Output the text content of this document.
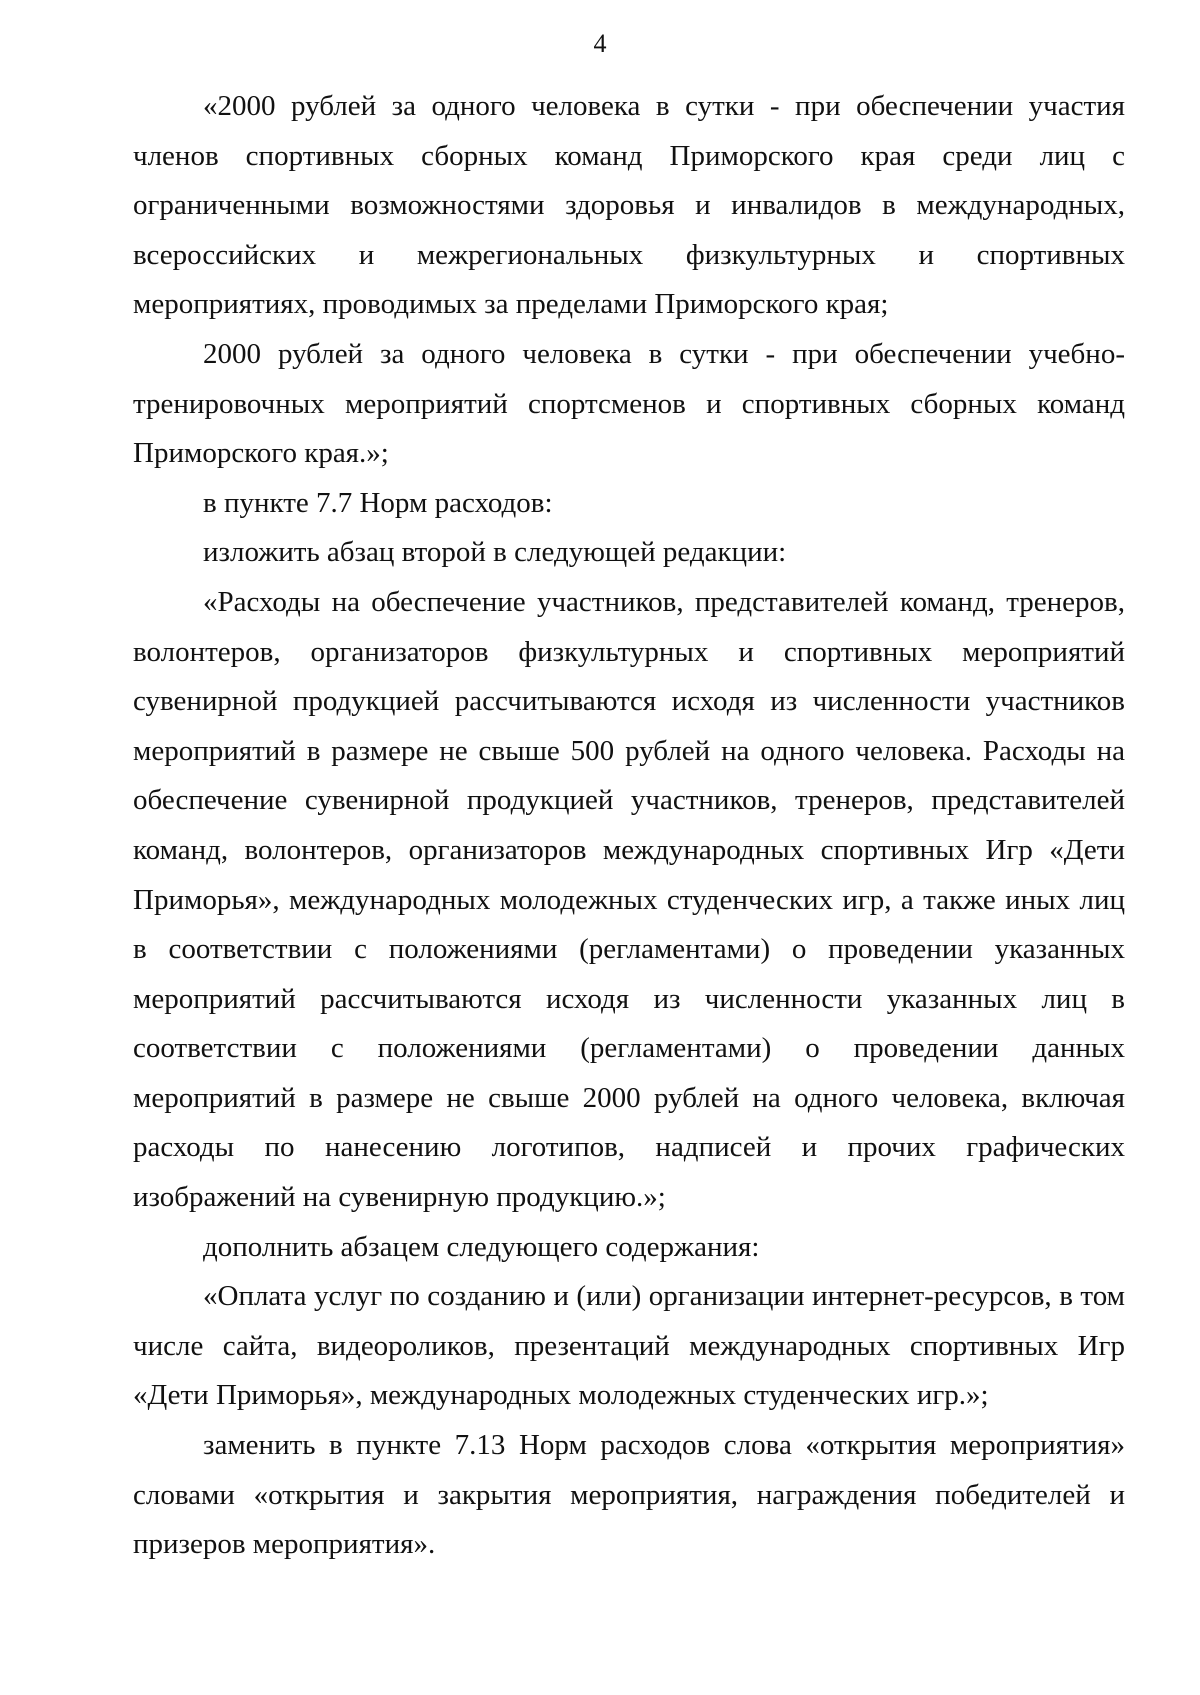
4

«2000 рублей за одного человека в сутки - при обеспечении участия членов спортивных сборных команд Приморского края среди лиц с ограниченными возможностями здоровья и инвалидов в международных, всероссийских и межрегиональных физкультурных и спортивных мероприятиях, проводимых за пределами Приморского края;

2000 рублей за одного человека в сутки - при обеспечении учебно-тренировочных мероприятий спортсменов и спортивных сборных команд Приморского края.»;

в пункте 7.7 Норм расходов:

изложить абзац второй в следующей редакции:

«Расходы на обеспечение участников, представителей команд, тренеров, волонтеров, организаторов физкультурных и спортивных мероприятий сувенирной продукцией рассчитываются исходя из численности участников мероприятий в размере не свыше 500 рублей на одного человека. Расходы на обеспечение сувенирной продукцией участников, тренеров, представителей команд, волонтеров, организаторов международных спортивных Игр «Дети Приморья», международных молодежных студенческих игр, а также иных лиц в соответствии с положениями (регламентами) о проведении указанных мероприятий рассчитываются исходя из численности указанных лиц в соответствии с положениями (регламентами) о проведении данных мероприятий в размере не свыше 2000 рублей на одного человека, включая расходы по нанесению логотипов, надписей и прочих графических изображений на сувенирную продукцию.»;

дополнить абзацем следующего содержания:

«Оплата услуг по созданию и (или) организации интернет-ресурсов, в том числе сайта, видеороликов, презентаций международных спортивных Игр «Дети Приморья», международных молодежных студенческих игр.»;

заменить в пункте 7.13 Норм расходов слова «открытия мероприятия» словами «открытия и закрытия мероприятия, награждения победителей и призеров мероприятия».
